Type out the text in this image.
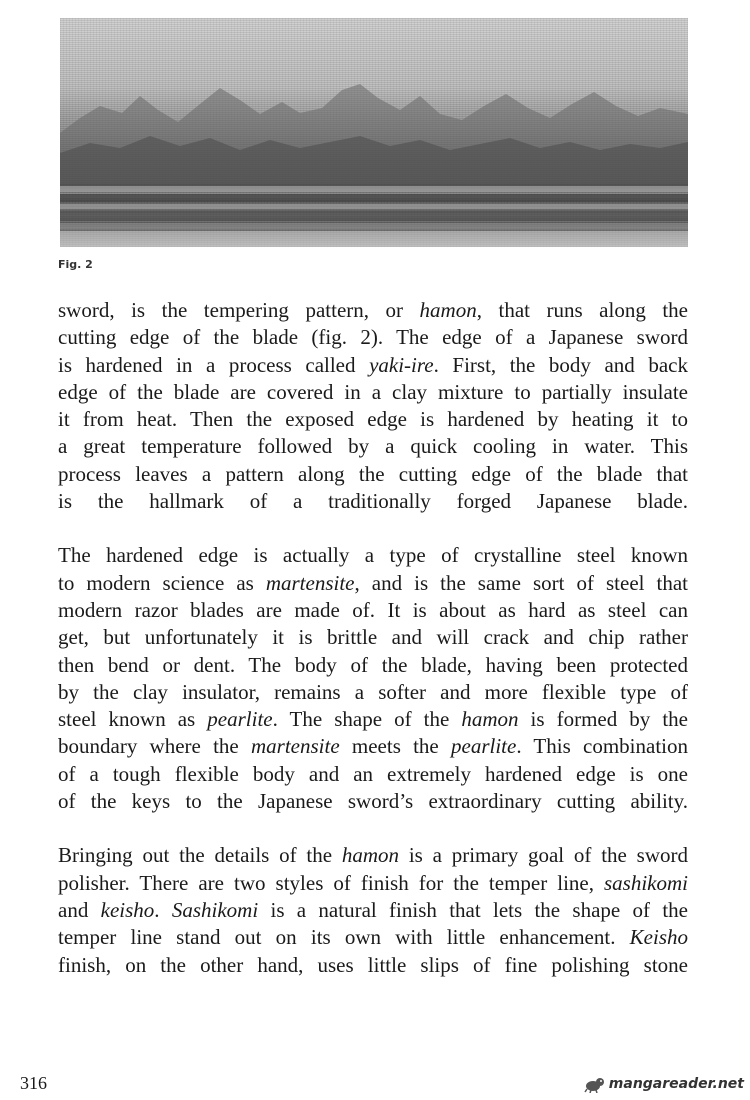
Fig. 2

sword, is the tempering pattern, or hamon, that runs along the
cutting edge of the blade (fig. 2). The edge of a Japanese sword
is hardened in a process called yaki-ire. First, the body and back
edge of the blade are covered in a clay mixture to partially insulate
it from heat. Then the exposed edge is hardened by heating it to
a great temperature followed by a quick cooling in water. This
process leaves a pattern along the cutting edge of the blade that
is the hallmark of a traditionally forged Japanese blade.

The hardened edge is actually a type of crystalline steel known
to modern science as martensite, and is the same sort of steel that
modern razor blades are made of. It is about as hard as steel can
get, but unfortunately it is brittle and will crack and chip rather
then bend or dent. The body of the blade, having been protected
by the clay insulator, remains a softer and more flexible type of
steel known as pearlite. The shape of the hamon is formed by the
boundary where the martensite meets the pearlite. This combination
of a tough flexible body and an extremely hardened edge is one
of the keys to the Japanese sword’s extraordinary cutting ability.

Bringing out the details of the hamon is a primary goal of the sword
polisher. There are two styles of finish for the temper line, sashikomi
and keisho. Sashikomi is a natural finish that lets the shape of the
temper line stand out on its own with little enhancement. Keisho
finish, on the other hand, uses little slips of fine polishing stone

316	mangareader.net
